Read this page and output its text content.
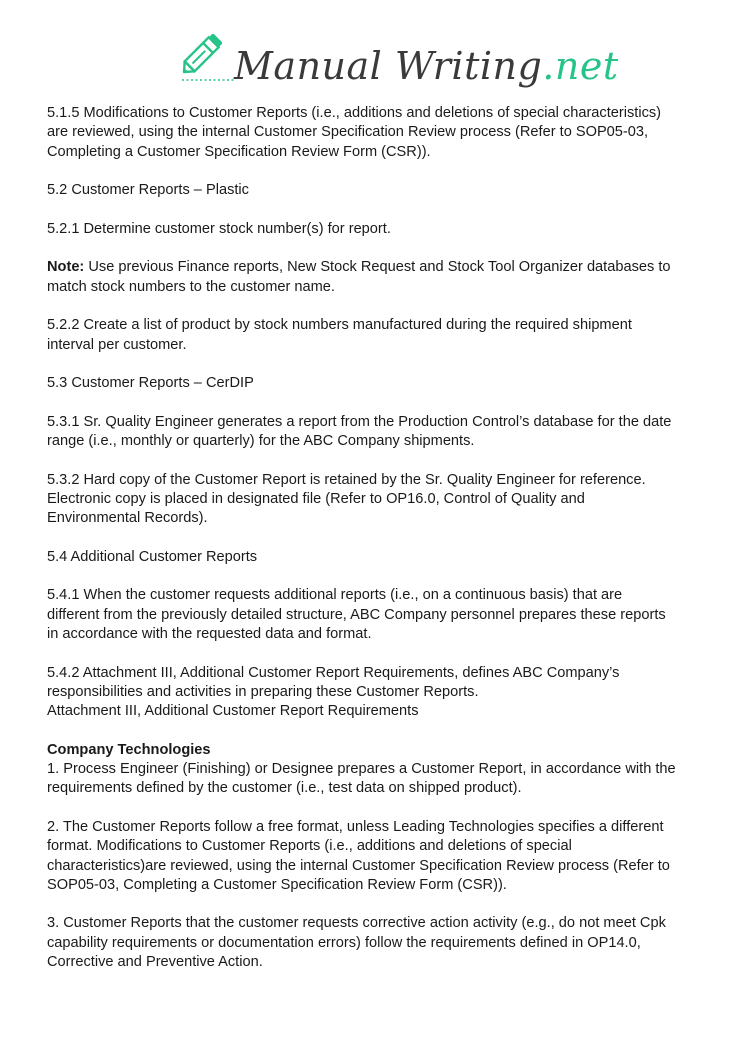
Manual Writing.net
5.1.5 Modifications to Customer Reports (i.e., additions and deletions of special characteristics)
are reviewed, using the internal Customer Specification Review process (Refer to SOP05-03,
Completing a Customer Specification Review Form (CSR)).
5.2 Customer Reports – Plastic
5.2.1 Determine customer stock number(s) for report.
Note: Use previous Finance reports, New Stock Request and Stock Tool Organizer databases to
match stock numbers to the customer name.
5.2.2 Create a list of product by stock numbers manufactured during the required shipment
interval per customer.
5.3 Customer Reports – CerDIP
5.3.1 Sr. Quality Engineer generates a report from the Production Control’s database for the date
range (i.e., monthly or quarterly) for the ABC Company shipments.
5.3.2 Hard copy of the Customer Report is retained by the Sr. Quality Engineer for reference.
Electronic copy is placed in designated file (Refer to OP16.0, Control of Quality and
Environmental Records).
5.4 Additional Customer Reports
5.4.1 When the customer requests additional reports (i.e., on a continuous basis) that are
different from the previously detailed structure, ABC Company personnel prepares these reports
in accordance with the requested data and format.
5.4.2 Attachment III, Additional Customer Report Requirements, defines ABC Company’s
responsibilities and activities in preparing these Customer Reports.
Attachment III, Additional Customer Report Requirements
Company Technologies
1. Process Engineer (Finishing) or Designee prepares a Customer Report, in accordance with the
requirements defined by the customer (i.e., test data on shipped product).
2. The Customer Reports follow a free format, unless Leading Technologies specifies a different
format. Modifications to Customer Reports (i.e., additions and deletions of special
characteristics)are reviewed, using the internal Customer Specification Review process (Refer to
SOP05-03, Completing a Customer Specification Review Form (CSR)).
3. Customer Reports that the customer requests corrective action activity (e.g., do not meet Cpk
capability requirements or documentation errors) follow the requirements defined in OP14.0,
Corrective and Preventive Action.
